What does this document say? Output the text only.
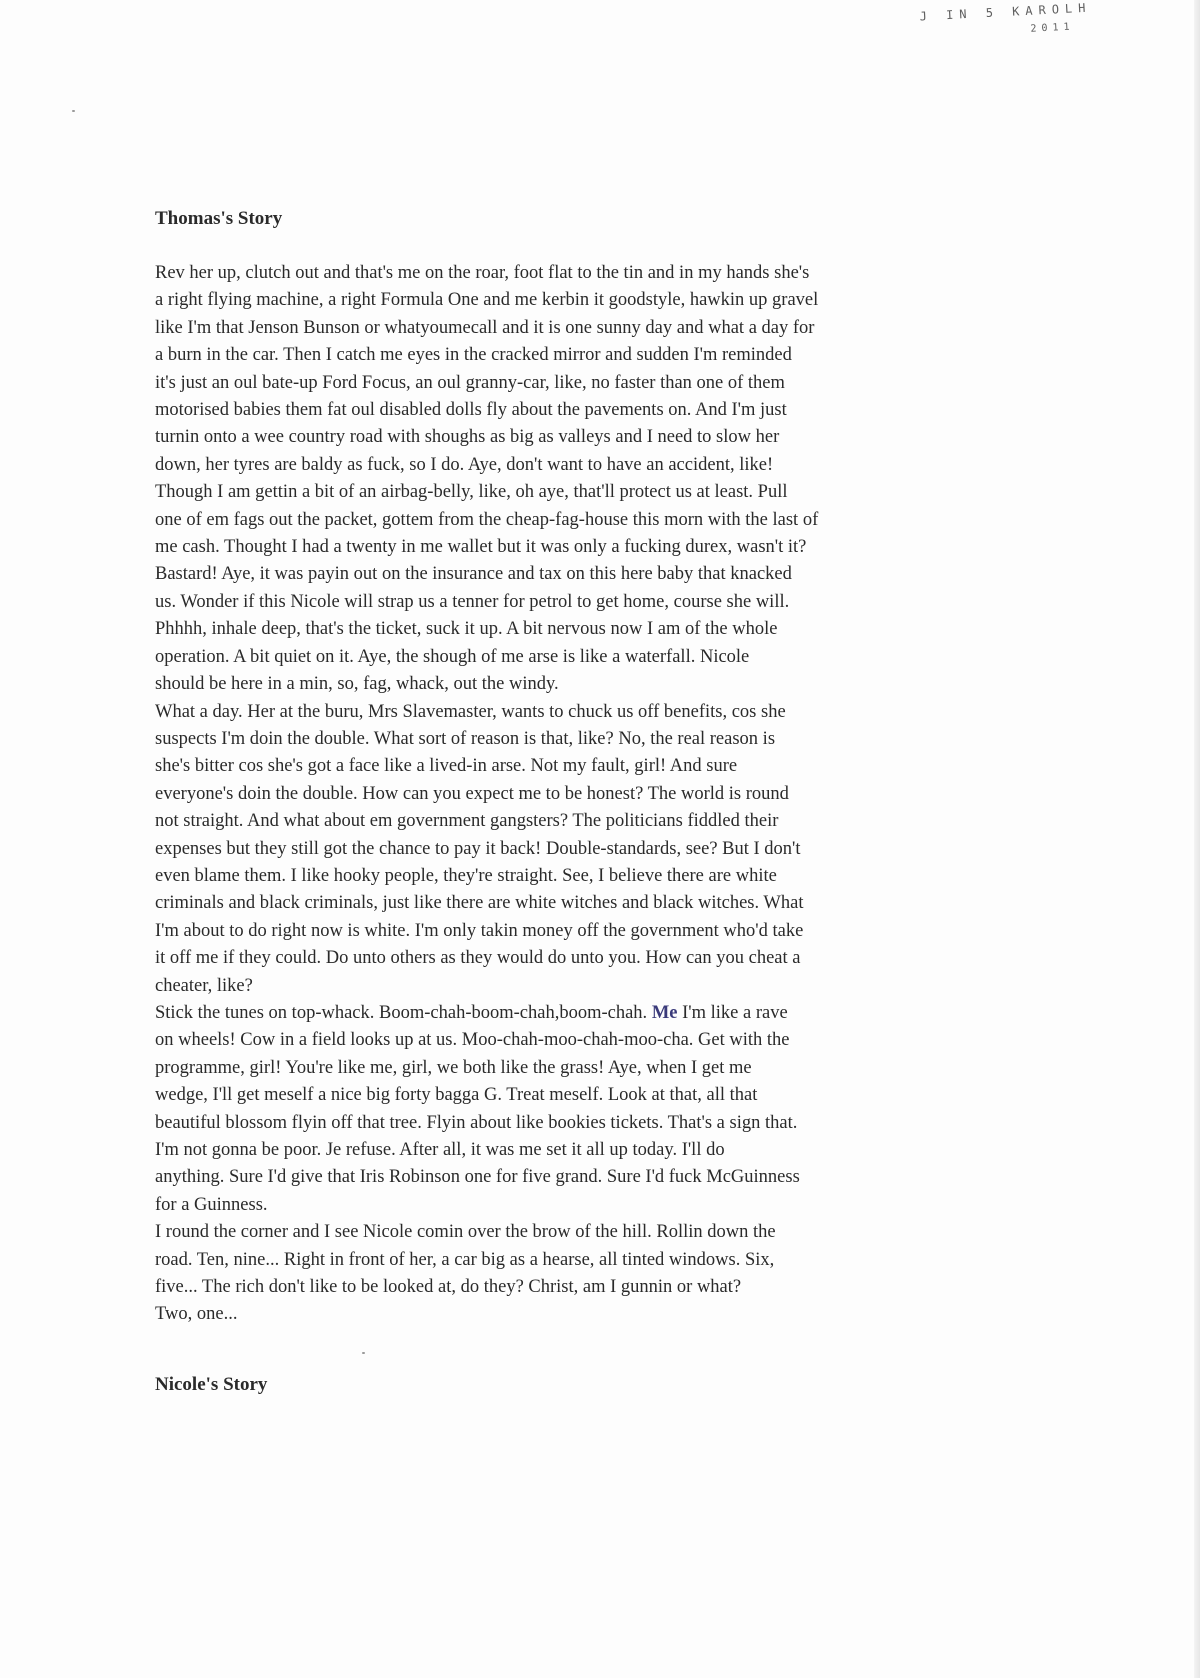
J IN 5 KAROLH
2011
Thomas's Story
Rev her up, clutch out and that's me on the roar, foot flat to the tin and in my hands she's
a right flying machine, a right Formula One and me kerbin it goodstyle, hawkin up gravel
like I'm that Jenson Bunson or whatyoumecall and it is one sunny day and what a day for
a burn in the car. Then I catch me eyes in the cracked mirror and sudden I'm reminded
it's just an oul bate-up Ford Focus, an oul granny-car, like, no faster than one of them
motorised babies them fat oul disabled dolls fly about the pavements on. And I'm just
turnin onto a wee country road with shoughs as big as valleys and I need to slow her
down, her tyres are baldy as fuck, so I do. Aye, don't want to have an accident, like!
Though I am gettin a bit of an airbag-belly, like, oh aye, that'll protect us at least. Pull
one of em fags out the packet, gottem from the cheap-fag-house this morn with the last of
me cash. Thought I had a twenty in me wallet but it was only a fucking durex, wasn't it?
Bastard! Aye, it was payin out on the insurance and tax on this here baby that knacked
us. Wonder if this Nicole will strap us a tenner for petrol to get home, course she will.
Phhhh, inhale deep, that's the ticket, suck it up. A bit nervous now I am of the whole
operation. A bit quiet on it. Aye, the shough of me arse is like a waterfall. Nicole
should be here in a min, so, fag, whack, out the windy.
What a day. Her at the buru, Mrs Slavemaster, wants to chuck us off benefits, cos she
suspects I'm doin the double. What sort of reason is that, like? No, the real reason is
she's bitter cos she's got a face like a lived-in arse. Not my fault, girl! And sure
everyone's doin the double. How can you expect me to be honest? The world is round
not straight. And what about em government gangsters? The politicians fiddled their
expenses but they still got the chance to pay it back! Double-standards, see? But I don't
even blame them. I like hooky people, they're straight. See, I believe there are white
criminals and black criminals, just like there are white witches and black witches. What
I'm about to do right now is white. I'm only takin money off the government who'd take
it off me if they could. Do unto others as they would do unto you. How can you cheat a
cheater, like?
Stick the tunes on top-whack. Boom-chah-boom-chah,boom-chah. Me I'm like a rave
on wheels! Cow in a field looks up at us. Moo-chah-moo-chah-moo-cha. Get with the
programme, girl! You're like me, girl, we both like the grass! Aye, when I get me
wedge, I'll get meself a nice big forty bagga G. Treat meself. Look at that, all that
beautiful blossom flyin off that tree. Flyin about like bookies tickets. That's a sign that.
I'm not gonna be poor. Je refuse. After all, it was me set it all up today. I'll do
anything. Sure I'd give that Iris Robinson one for five grand. Sure I'd fuck McGuinness
for a Guinness.
I round the corner and I see Nicole comin over the brow of the hill. Rollin down the
road. Ten, nine... Right in front of her, a car big as a hearse, all tinted windows. Six,
five... The rich don't like to be looked at, do they? Christ, am I gunnin or what?
Two, one...
Nicole's Story
